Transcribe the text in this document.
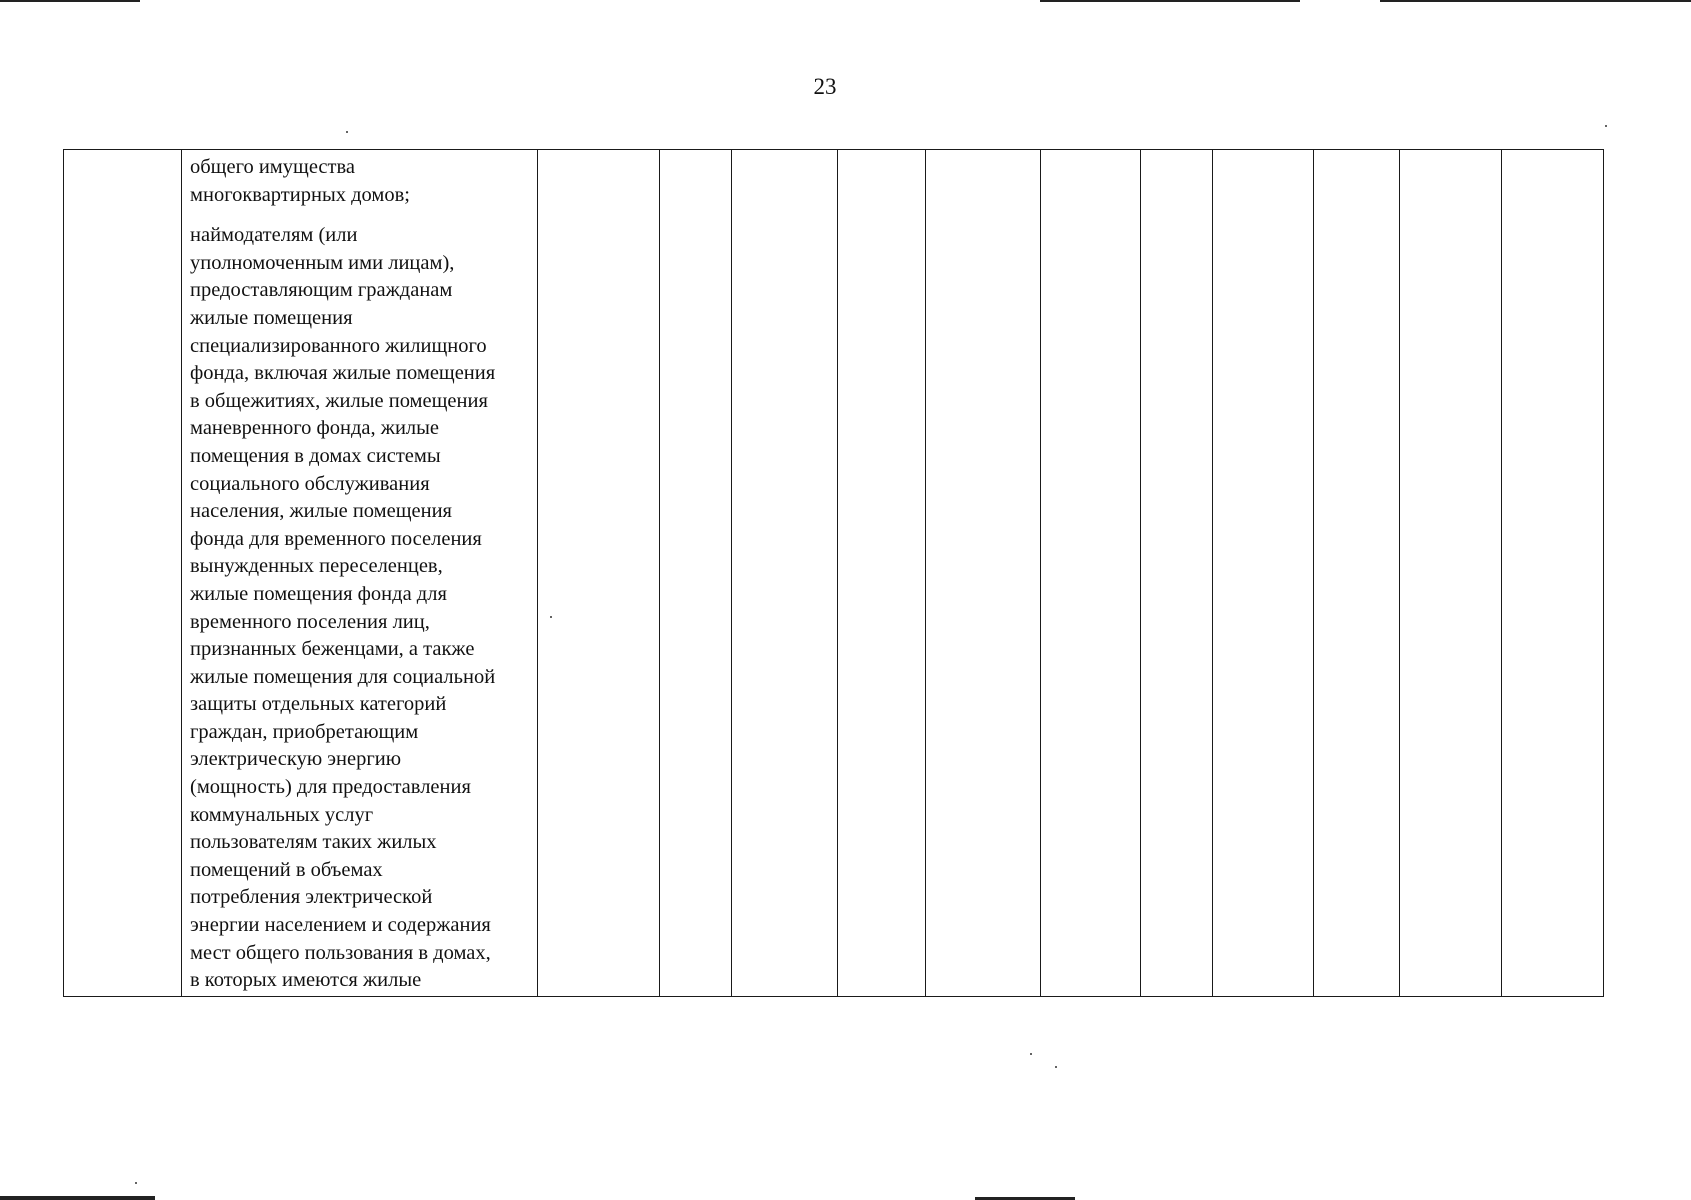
23

общего имущества
многоквартирных домов;

наймодателям (или
уполномоченным ими лицам),
предоставляющим гражданам
жилые помещения
специализированного жилищного
фонда, включая жилые помещения
в общежитиях, жилые помещения
маневренного фонда, жилые
помещения в домах системы
социального обслуживания
населения, жилые помещения
фонда для временного поселения
вынужденных переселенцев,
жилые помещения фонда для
временного поселения лиц,
признанных беженцами, а также
жилые помещения для социальной
защиты отдельных категорий
граждан, приобретающим
электрическую энергию
(мощность) для предоставления
коммунальных услуг
пользователям таких жилых
помещений в объемах
потребления электрической
энергии населением и содержания
мест общего пользования в домах,
в которых имеются жилые
